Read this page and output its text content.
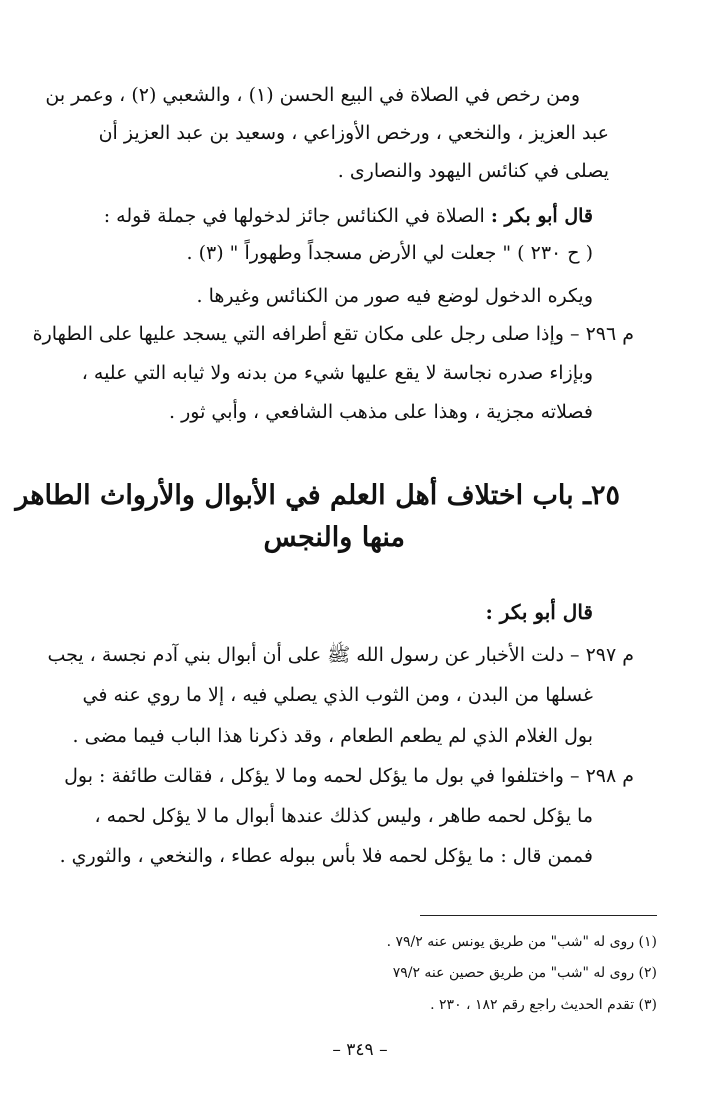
ومن رخص في الصلاة في البيع الحسن (١) ، والشعبي (٢) ، وعمر بن
عبد العزيز ، والنخعي ، ورخص الأوزاعي ، وسعيد بن عبد العزيز أن
يصلى في كنائس اليهود والنصارى .
قال أبو بكر : الصلاة في الكنائس جائز لدخولها في جملة قوله :
( ح ٢٣٠ ) " جعلت لي الأرض مسجداً وطهوراً " (٣) .
ويكره الدخول لوضع فيه صور من الكنائس وغيرها .
م ٢٩٦ – وإذا صلى رجل على مكان تقع أطرافه التي يسجد عليها على الطهارة
وبإزاء صدره نجاسة لا يقع عليها شيء من بدنه ولا ثيابه التي عليه ،
فصلاته مجزية ، وهذا على مذهب الشافعي ، وأبي ثور .
٢٥ـ باب اختلاف أهل العلم في الأبوال والأرواث الطاهر
منها والنجس
قال أبو بكر :
م ٢٩٧ – دلت الأخبار عن رسول الله ﷺ على أن أبوال بني آدم نجسة ، يجب
غسلها من البدن ، ومن الثوب الذي يصلي فيه ، إلا ما روي عنه في
بول الغلام الذي لم يطعم الطعام ، وقد ذكرنا هذا الباب فيما مضى .
م ٢٩٨ – واختلفوا في بول ما يؤكل لحمه وما لا يؤكل ، فقالت طائفة : بول
ما يؤكل لحمه طاهر ، وليس كذلك عندها أبوال ما لا يؤكل لحمه ،
فممن قال : ما يؤكل لحمه فلا بأس ببوله عطاء ، والنخعي ، والثوري .
(١) روى له "شب" من طريق يونس عنه ٧٩/٢ .
(٢) روى له "شب" من طريق حصين عنه ٧٩/٢
(٣) تقدم الحديث راجع رقم ١٨٢ ، ٢٣٠ .
– ٣٤٩ –
